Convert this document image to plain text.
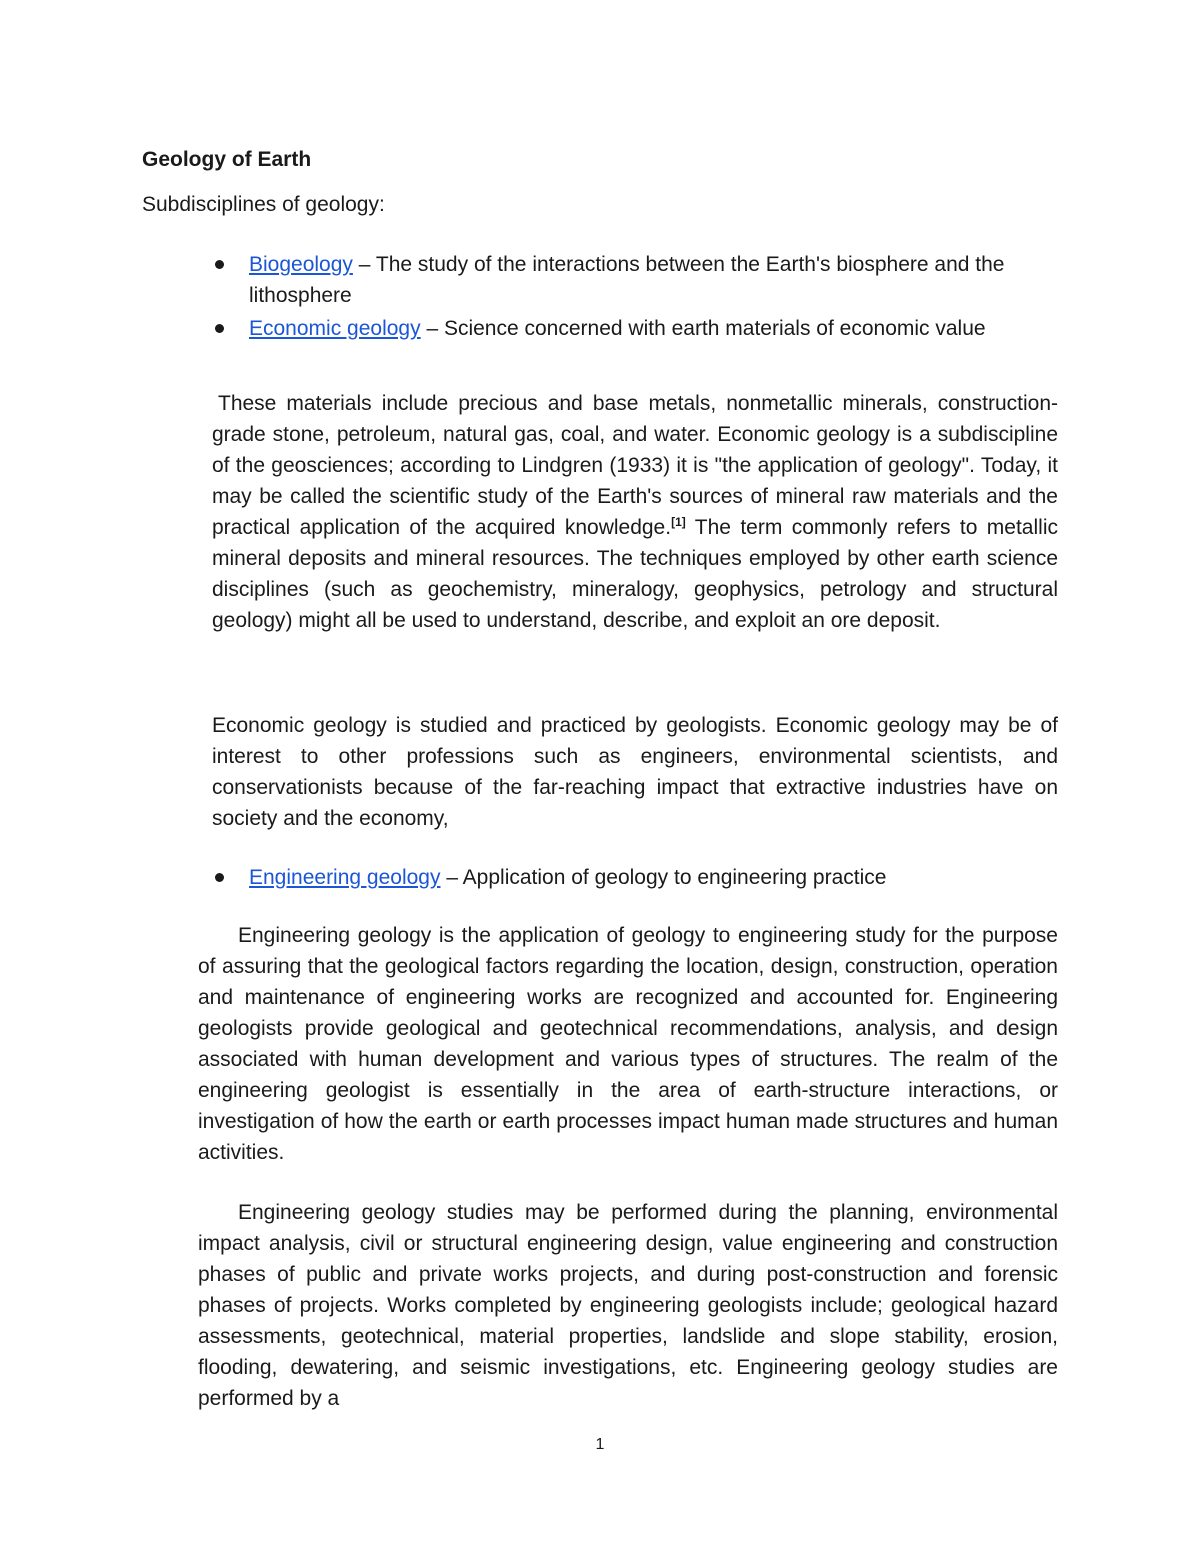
Geology of Earth

Subdisciplines of geology:

Biogeology – The study of the interactions between the Earth's biosphere and the lithosphere

Economic geology – Science concerned with earth materials of economic value

These materials include precious and base metals, nonmetallic minerals, construction-grade stone, petroleum, natural gas, coal, and water. Economic geology is a subdiscipline of the geosciences; according to Lindgren (1933) it is "the application of geology". Today, it may be called the scientific study of the Earth's sources of mineral raw materials and the practical application of the acquired knowledge.[1] The term commonly refers to metallic mineral deposits and mineral resources. The techniques employed by other earth science disciplines (such as geochemistry, mineralogy, geophysics, petrology and structural geology) might all be used to understand, describe, and exploit an ore deposit.

Economic geology is studied and practiced by geologists. Economic geology may be of interest to other professions such as engineers, environmental scientists, and conservationists because of the far-reaching impact that extractive industries have on society and the economy,

Engineering geology – Application of geology to engineering practice

Engineering geology is the application of geology to engineering study for the purpose of assuring that the geological factors regarding the location, design, construction, operation and maintenance of engineering works are recognized and accounted for. Engineering geologists provide geological and geotechnical recommendations, analysis, and design associated with human development and various types of structures. The realm of the engineering geologist is essentially in the area of earth-structure interactions, or investigation of how the earth or earth processes impact human made structures and human activities.

Engineering geology studies may be performed during the planning, environmental impact analysis, civil or structural engineering design, value engineering and construction phases of public and private works projects, and during post-construction and forensic phases of projects. Works completed by engineering geologists include; geological hazard assessments, geotechnical, material properties, landslide and slope stability, erosion, flooding, dewatering, and seismic investigations, etc. Engineering geology studies are performed by a

1
